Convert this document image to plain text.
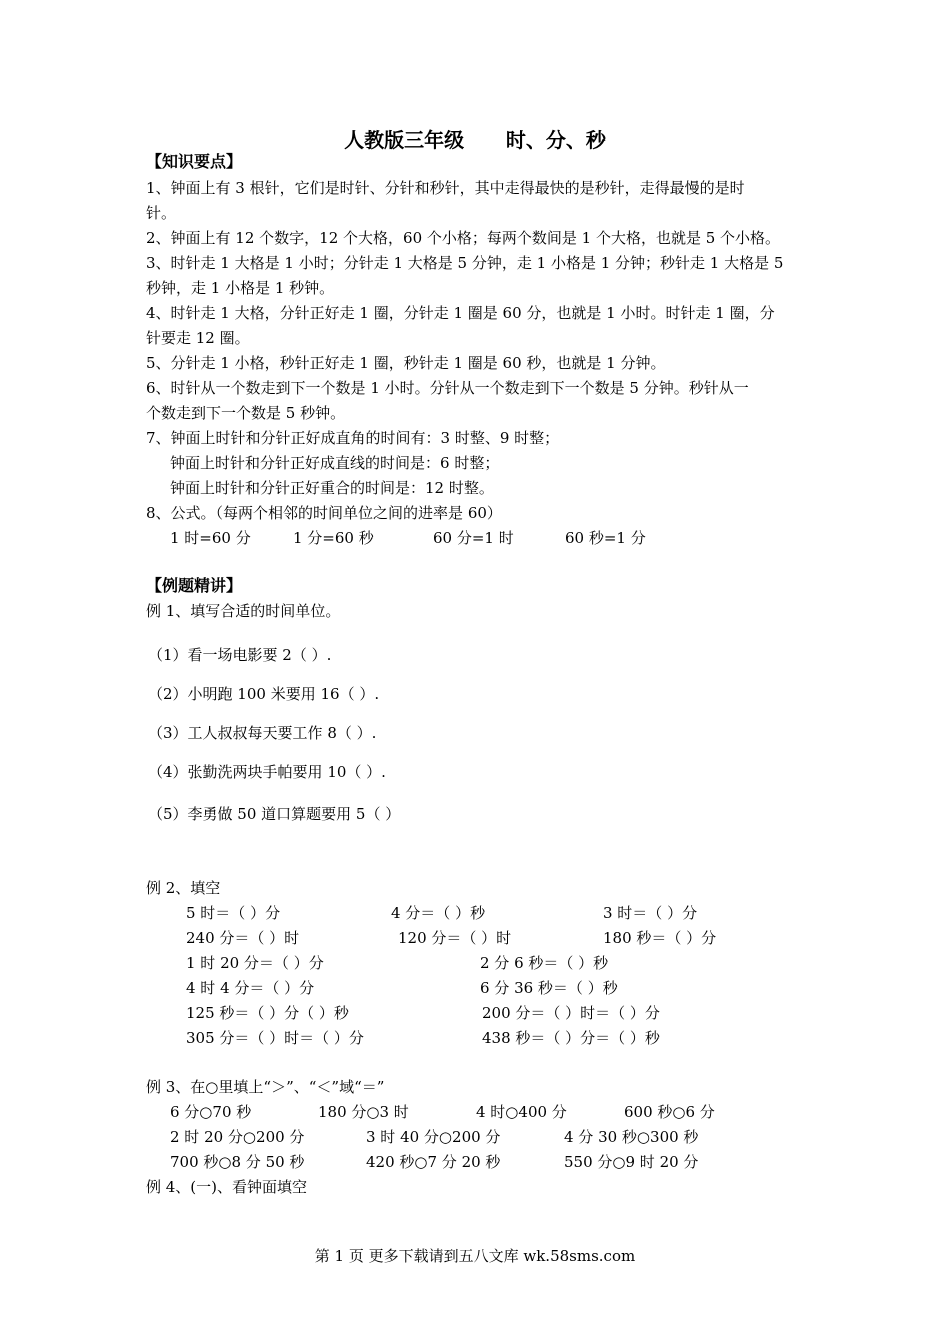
人教版三年级      时、分、秒
【知识要点】
1、钟面上有 3 根针，它们是时针、分针和秒针，其中走得最快的是秒针，走得最慢的是时
针。
2、钟面上有 12 个数字，12 个大格，60 个小格；每两个数间是 1 个大格，也就是 5 个小格。
3、时针走 1 大格是 1 小时；分针走 1 大格是 5 分钟，走 1 小格是 1 分钟；秒针走 1 大格是 5
秒钟，走 1 小格是 1 秒钟。
4、时针走 1 大格，分针正好走 1 圈，分针走 1 圈是 60 分，也就是 1 小时。时针走 1 圈，分
针要走 12 圈。
5、分针走 1 小格，秒针正好走 1 圈，秒针走 1 圈是 60 秒，也就是 1 分钟。
6、时针从一个数走到下一个数是 1 小时。分针从一个数走到下一个数是 5 分钟。秒针从一
个数走到下一个数是 5 秒钟。
7、钟面上时针和分针正好成直角的时间有：3 时整、9 时整；
钟面上时针和分针正好成直线的时间是：6 时整；
钟面上时针和分针正好重合的时间是：12 时整。
8、公式。（每两个相邻的时间单位之间的进率是 60）
1 时=60 分	1 分=60 秒	60 分=1 时	60 秒=1 分
【例题精讲】
例 1、填写合适的时间单位。
（1）看一场电影要 2（ ）.
（2）小明跑 100 米要用 16（ ）.
（3）工人叔叔每天要工作 8（ ）.
（4）张勤洗两块手帕要用 10（ ）.
（5）李勇做 50 道口算题要用 5（ ）
例 2、填空
5 时＝（ ）分	4 分＝（ ）秒	3 时＝（ ）分
240 分＝（ ）时	120 分＝（ ）时	180 秒＝（ ）分
1 时 20 分＝（ ）分	2 分 6 秒＝（ ）秒
4 时 4 分＝（ ）分	6 分 36 秒＝（ ）秒
125 秒＝（ ）分（ ）秒	200 分＝（ ）时＝（ ）分
305 分＝（ ）时＝（ ）分	438 秒＝（ ）分＝（ ）秒
例 3、在○里填上“＞”、“＜”域“＝”
6 分○70 秒	180 分○3 时	4 时○400 分	600 秒○6 分
2 时 20 分○200 分	3 时 40 分○200 分	4 分 30 秒○300 秒
700 秒○8 分 50 秒	420 秒○7 分 20 秒	550 分○9 时 20 分
例 4、(一)、看钟面填空
第 1 页 更多下载请到五八文库 wk.58sms.com
